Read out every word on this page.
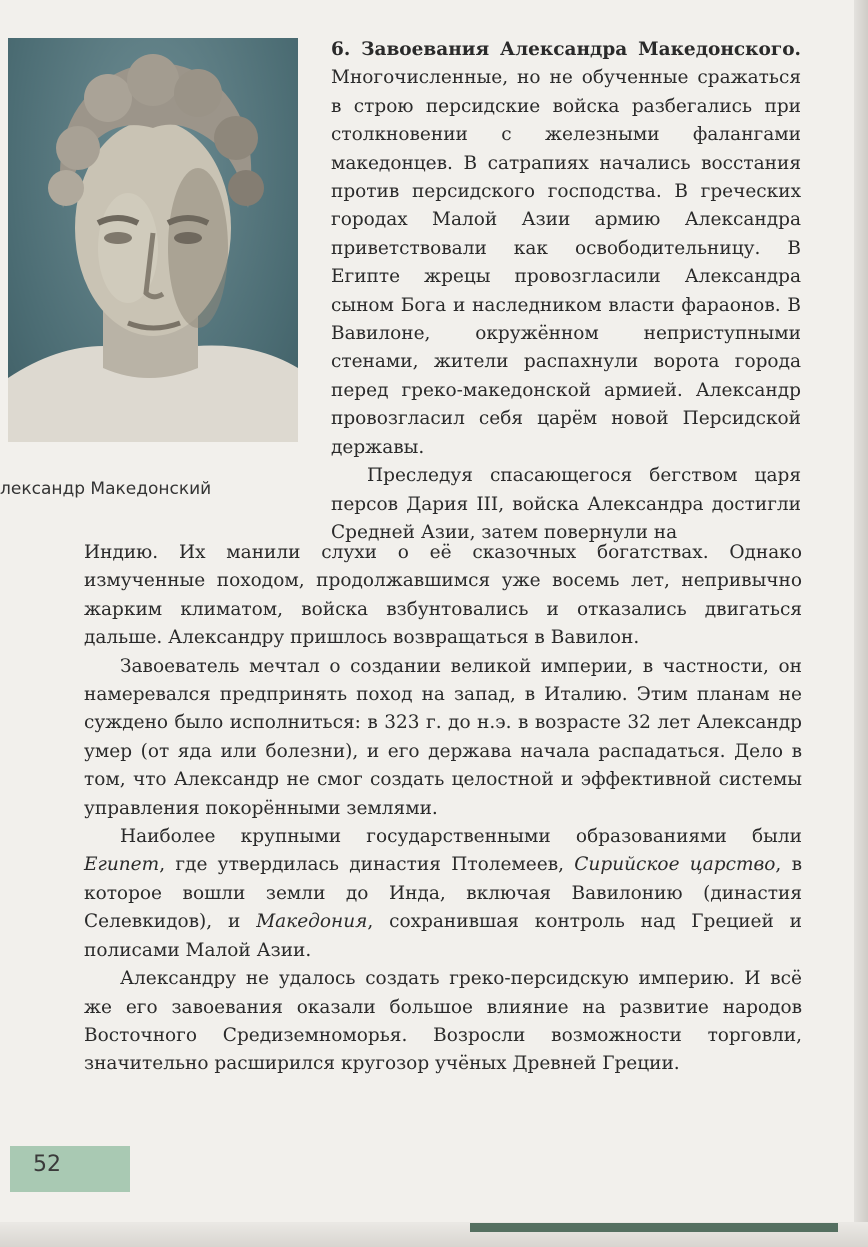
лександр Македонский

6. Завоевания Александра Македонского. Многочисленные, но не обученные сражаться в строю персидские войска разбегались при столкновении с железными фалангами македонцев. В сатрапиях начались восстания против персидского господства. В греческих городах Малой Азии армию Александра приветствовали как освободительницу. В Египте жрецы провозгласили Александра сыном Бога и наследником власти фараонов. В Вавилоне, окружённом неприступными стенами, жители распахнули ворота города перед греко-македонской армией. Александр провозгласил себя царём новой Персидской державы.

Преследуя спасающегося бегством царя персов Дария III, войска Александра достигли Средней Азии, затем повернули на

Индию. Их манили слухи о её сказочных богатствах. Однако измученные походом, продолжавшимся уже восемь лет, непривычно жарким климатом, войска взбунтовались и отказались двигаться дальше. Александру пришлось возвращаться в Вавилон.

Завоеватель мечтал о создании великой империи, в частности, он намеревался предпринять поход на запад, в Италию. Этим планам не суждено было исполниться: в 323 г. до н.э. в возрасте 32 лет Александр умер (от яда или болезни), и его держава начала распадаться. Дело в том, что Александр не смог создать целостной и эффективной системы управления покорёнными землями.

Наиболее крупными государственными образованиями были Египет, где утвердилась династия Птолемеев, Сирийское царство, в которое вошли земли до Инда, включая Вавилонию (династия Селевкидов), и Македония, сохранившая контроль над Грецией и полисами Малой Азии.

Александру не удалось создать греко-персидскую империю. И всё же его завоевания оказали большое влияние на развитие народов Восточного Средиземноморья. Возросли возможности торговли, значительно расширился кругозор учёных Древней Греции.

52
